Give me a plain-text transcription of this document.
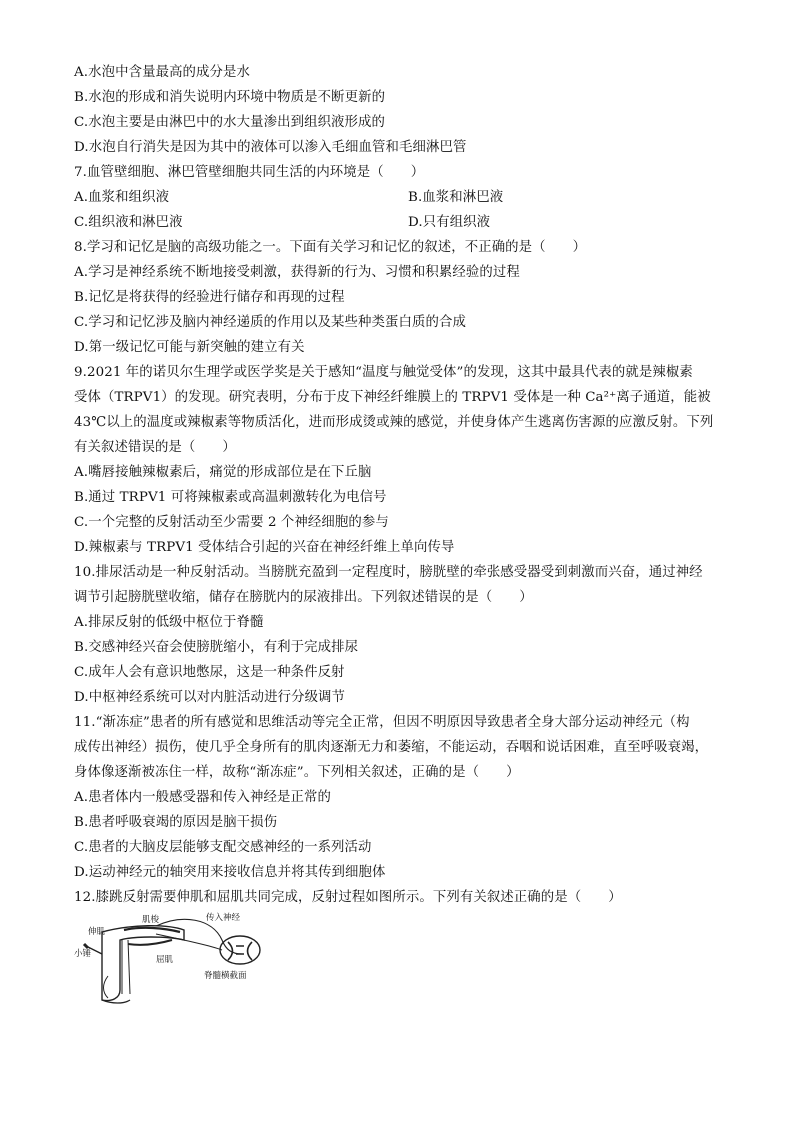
A.水泡中含量最高的成分是水
B.水泡的形成和消失说明内环境中物质是不断更新的
C.水泡主要是由淋巴中的水大量渗出到组织液形成的
D.水泡自行消失是因为其中的液体可以渗入毛细血管和毛细淋巴管
7.血管壁细胞、淋巴管壁细胞共同生活的内环境是（　　）
A.血浆和组织液	B.血浆和淋巴液
C.组织液和淋巴液	D.只有组织液
8.学习和记忆是脑的高级功能之一。下面有关学习和记忆的叙述，不正确的是（　　）
A.学习是神经系统不断地接受刺激，获得新的行为、习惯和积累经验的过程
B.记忆是将获得的经验进行储存和再现的过程
C.学习和记忆涉及脑内神经递质的作用以及某些种类蛋白质的合成
D.第一级记忆可能与新突触的建立有关
9.2021 年的诺贝尔生理学或医学奖是关于感知“温度与触觉受体”的发现，这其中最具代表的就是辣椒素
受体（TRPV1）的发现。研究表明，分布于皮下神经纤维膜上的 TRPV1 受体是一种 Ca²⁺离子通道，能被
43℃以上的温度或辣椒素等物质活化，进而形成烫或辣的感觉，并使身体产生逃离伤害源的应激反射。下列
有关叙述错误的是（　　）
A.嘴唇接触辣椒素后，痛觉的形成部位是在下丘脑
B.通过 TRPV1 可将辣椒素或高温刺激转化为电信号
C.一个完整的反射活动至少需要 2 个神经细胞的参与
D.辣椒素与 TRPV1 受体结合引起的兴奋在神经纤维上单向传导
10.排尿活动是一种反射活动。当膀胱充盈到一定程度时，膀胱壁的牵张感受器受到刺激而兴奋，通过神经
调节引起膀胱壁收缩，储存在膀胱内的尿液排出。下列叙述错误的是（　　）
A.排尿反射的低级中枢位于脊髓
B.交感神经兴奋会使膀胱缩小，有利于完成排尿
C.成年人会有意识地憋尿，这是一种条件反射
D.中枢神经系统可以对内脏活动进行分级调节
11.“渐冻症”患者的所有感觉和思维活动等完全正常，但因不明原因导致患者全身大部分运动神经元（构
成传出神经）损伤，使几乎全身所有的肌肉逐渐无力和萎缩，不能运动，吞咽和说话困难，直至呼吸衰竭，
身体像逐渐被冻住一样，故称“渐冻症”。下列相关叙述，正确的是（　　）
A.患者体内一般感受器和传入神经是正常的
B.患者呼吸衰竭的原因是脑干损伤
C.患者的大脑皮层能够支配交感神经的一系列活动
D.运动神经元的轴突用来接收信息并将其传到细胞体
12.膝跳反射需要伸肌和屈肌共同完成，反射过程如图所示。下列有关叙述正确的是（　　）
伸肌
肌梭	传入神经
小锤
屈肌
脊髓横截面
